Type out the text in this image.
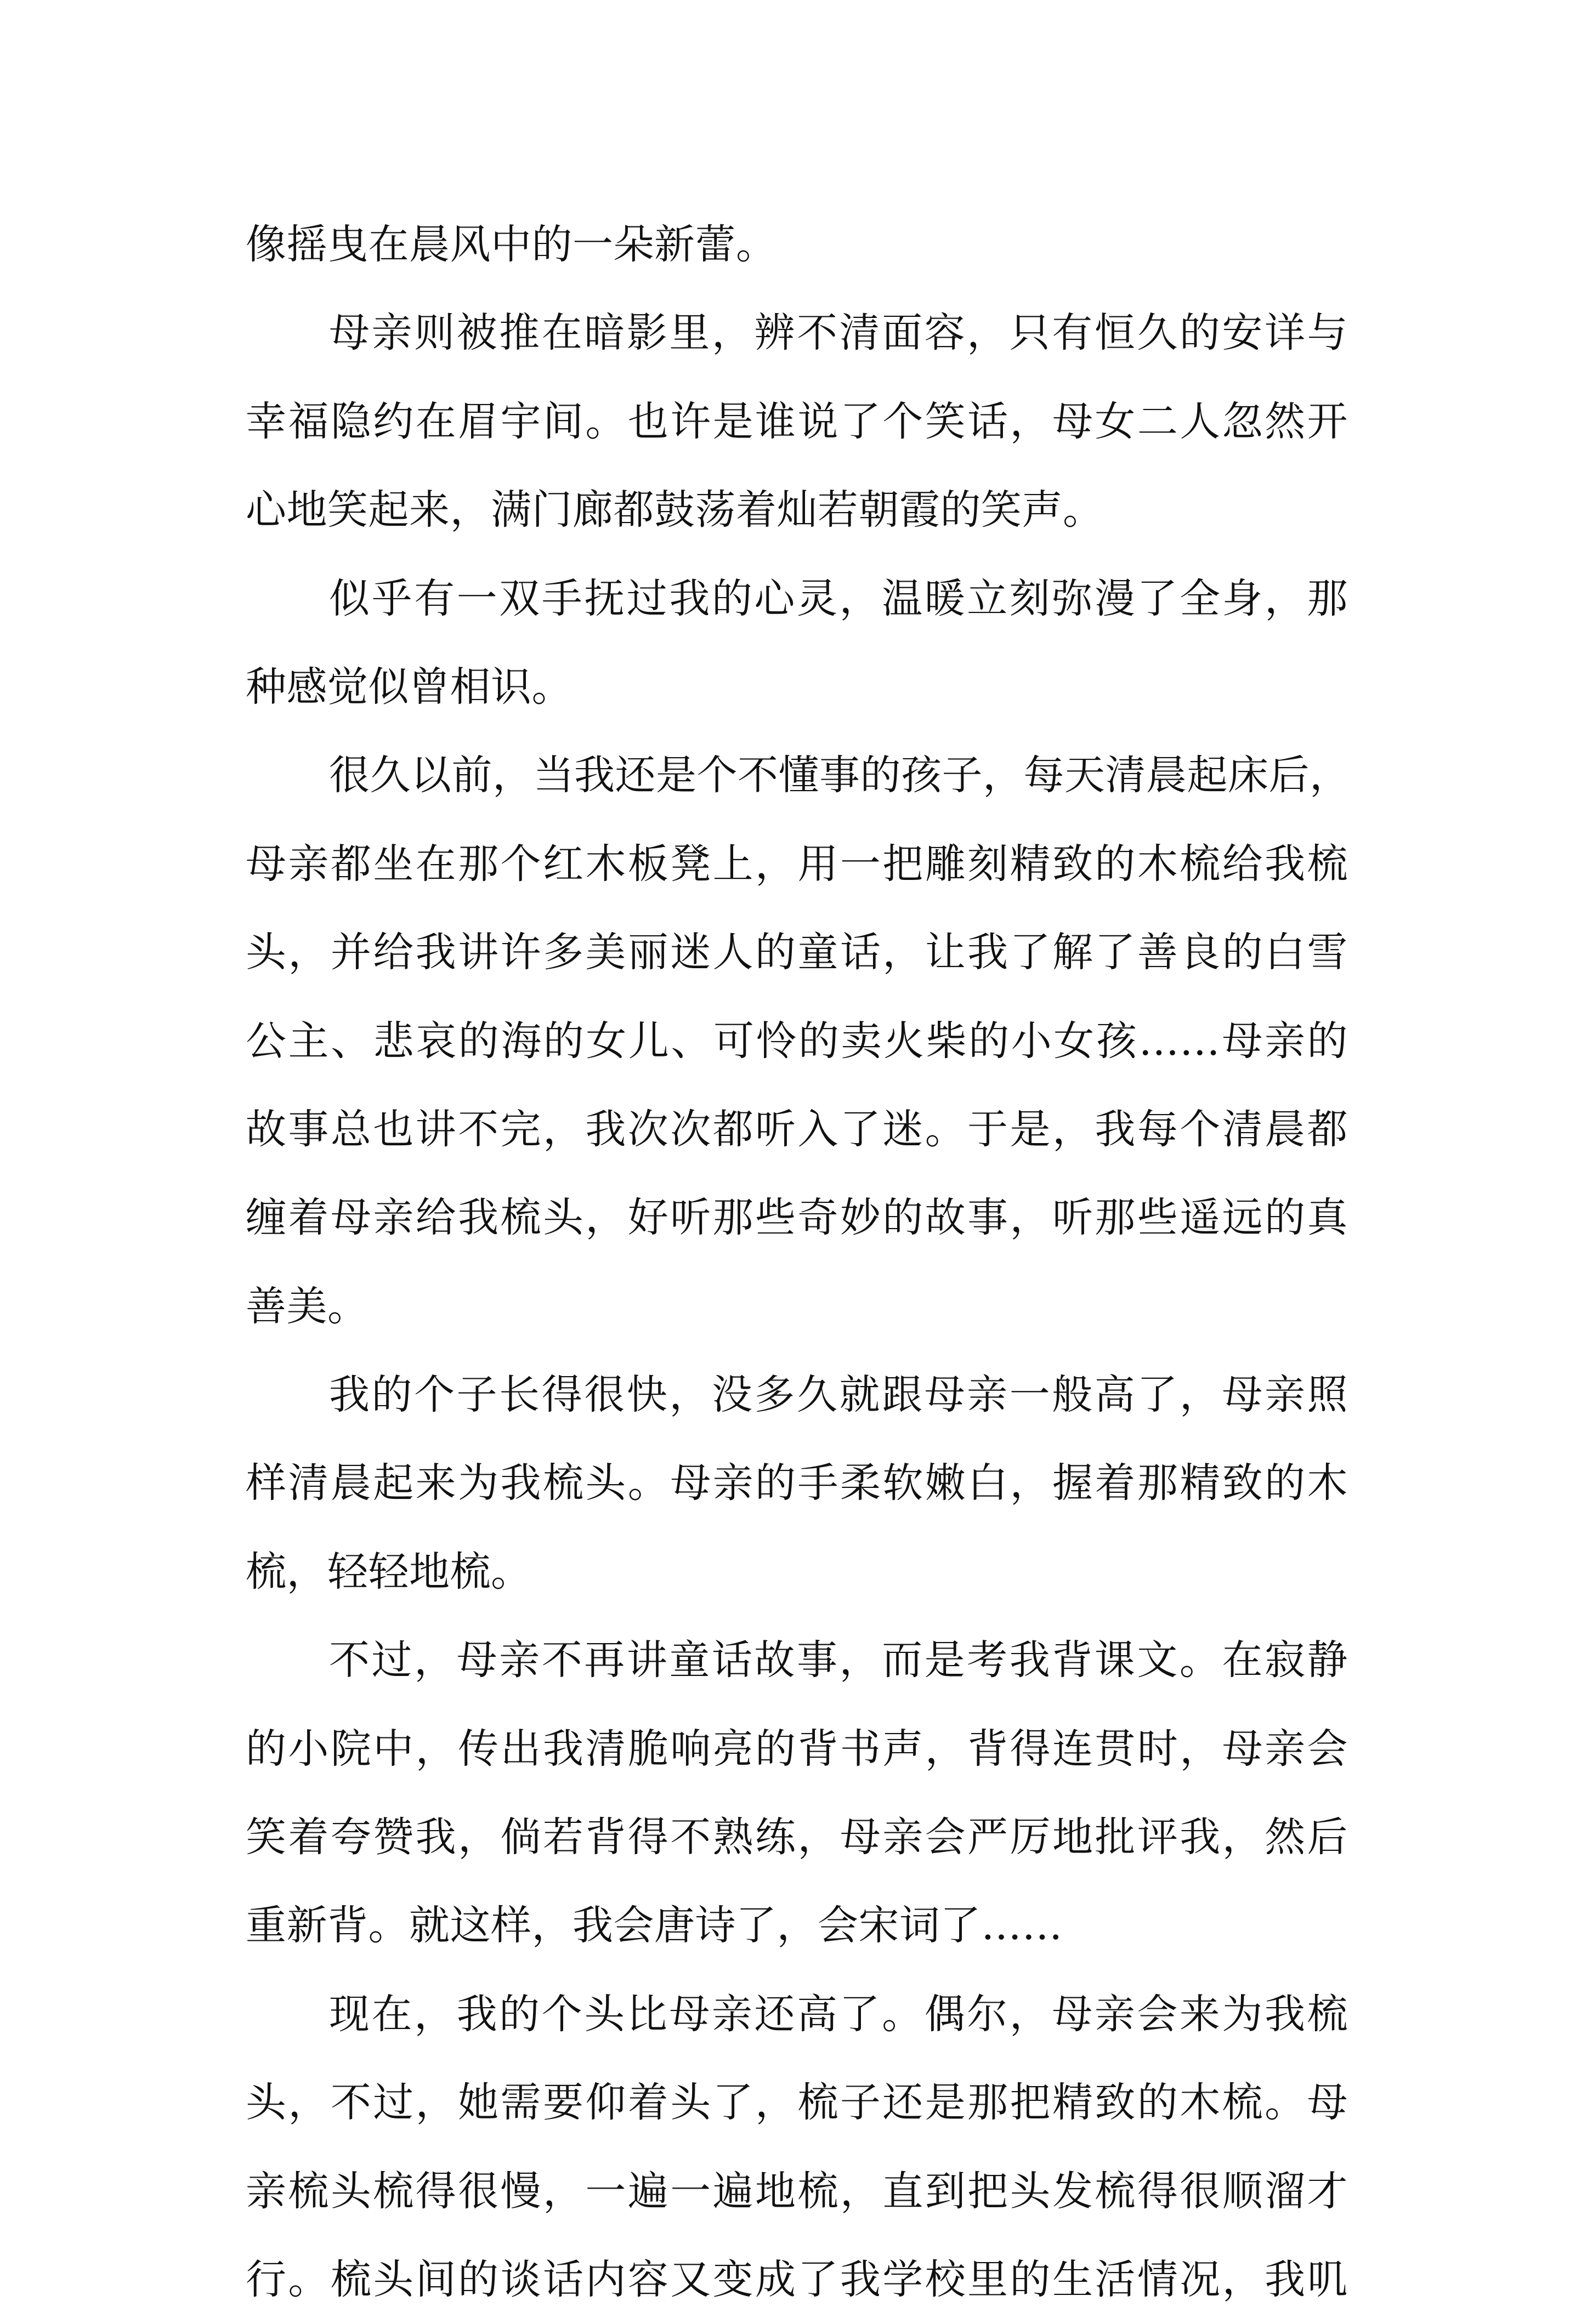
像摇曳在晨风中的一朵新蕾。
母亲则被推在暗影里，辨不清面容，只有恒久的安详与
幸福隐约在眉宇间。也许是谁说了个笑话，母女二人忽然开
心地笑起来，满门廊都鼓荡着灿若朝霞的笑声。
似乎有一双手抚过我的心灵，温暖立刻弥漫了全身，那
种感觉似曾相识。
很久以前，当我还是个不懂事的孩子，每天清晨起床后，
母亲都坐在那个红木板凳上，用一把雕刻精致的木梳给我梳
头，并给我讲许多美丽迷人的童话，让我了解了善良的白雪
公主、悲哀的海的女儿、可怜的卖火柴的小女孩……母亲的
故事总也讲不完，我次次都听入了迷。于是，我每个清晨都
缠着母亲给我梳头，好听那些奇妙的故事，听那些遥远的真
善美。
我的个子长得很快，没多久就跟母亲一般高了，母亲照
样清晨起来为我梳头。母亲的手柔软嫩白，握着那精致的木
梳，轻轻地梳。
不过，母亲不再讲童话故事，而是考我背课文。在寂静
的小院中，传出我清脆响亮的背书声，背得连贯时，母亲会
笑着夸赞我，倘若背得不熟练，母亲会严厉地批评我，然后
重新背。就这样，我会唐诗了，会宋词了……
现在，我的个头比母亲还高了。偶尔，母亲会来为我梳
头，不过，她需要仰着头了，梳子还是那把精致的木梳。母
亲梳头梳得很慢，一遍一遍地梳，直到把头发梳得很顺溜才
行。梳头间的谈话内容又变成了我学校里的生活情况，我叽
